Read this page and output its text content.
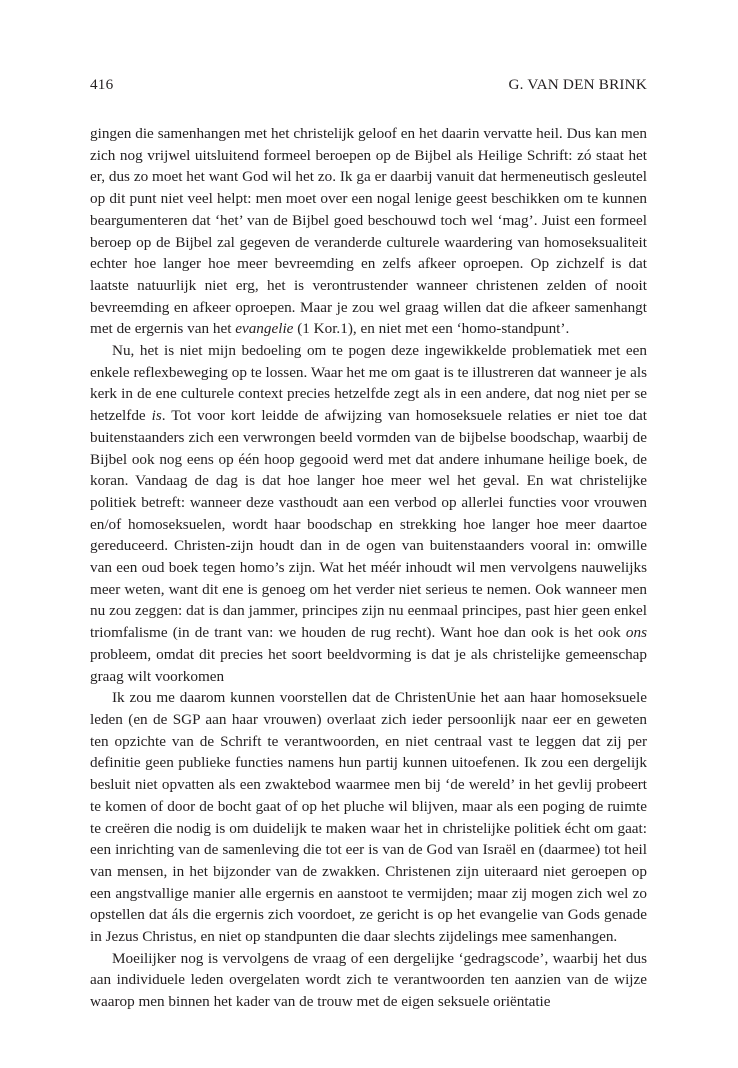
416	G. VAN DEN BRINK

gingen die samenhangen met het christelijk geloof en het daarin vervatte heil. Dus kan men zich nog vrijwel uitsluitend formeel beroepen op de Bijbel als Heilige Schrift: zó staat het er, dus zo moet het want God wil het zo. Ik ga er daarbij vanuit dat hermeneutisch gesleutel op dit punt niet veel helpt: men moet over een nogal lenige geest beschikken om te kunnen beargumenteren dat ‘het’ van de Bijbel goed beschouwd toch wel ‘mag’. Juist een formeel beroep op de Bijbel zal gegeven de veranderde culturele waardering van homoseksualiteit echter hoe langer hoe meer bevreemding en zelfs afkeer oproepen. Op zichzelf is dat laatste natuurlijk niet erg, het is verontrustender wanneer christenen zelden of nooit bevreemding en afkeer oproepen. Maar je zou wel graag willen dat die afkeer samenhangt met de ergernis van het evangelie (1 Kor.1), en niet met een ‘homo-standpunt’.

Nu, het is niet mijn bedoeling om te pogen deze ingewikkelde problematiek met een enkele reflexbeweging op te lossen. Waar het me om gaat is te illustreren dat wanneer je als kerk in de ene culturele context precies hetzelfde zegt als in een andere, dat nog niet per se hetzelfde is. Tot voor kort leidde de afwijzing van homoseksuele relaties er niet toe dat buitenstaanders zich een verwrongen beeld vormden van de bijbelse boodschap, waarbij de Bijbel ook nog eens op één hoop gegooid werd met dat andere inhumane heilige boek, de koran. Vandaag de dag is dat hoe langer hoe meer wel het geval. En wat christelijke politiek betreft: wanneer deze vasthoudt aan een verbod op allerlei functies voor vrouwen en/of homoseksuelen, wordt haar boodschap en strekking hoe langer hoe meer daartoe gereduceerd. Christen-zijn houdt dan in de ogen van buitenstaanders vooral in: omwille van een oud boek tegen homo’s zijn. Wat het méér inhoudt wil men vervolgens nauwelijks meer weten, want dit ene is genoeg om het verder niet serieus te nemen. Ook wanneer men nu zou zeggen: dat is dan jammer, principes zijn nu eenmaal principes, past hier geen enkel triomfalisme (in de trant van: we houden de rug recht). Want hoe dan ook is het ook ons probleem, omdat dit precies het soort beeldvorming is dat je als christelijke gemeenschap graag wilt voorkomen

Ik zou me daarom kunnen voorstellen dat de ChristenUnie het aan haar homoseksuele leden (en de SGP aan haar vrouwen) overlaat zich ieder persoonlijk naar eer en geweten ten opzichte van de Schrift te verantwoorden, en niet centraal vast te leggen dat zij per definitie geen publieke functies namens hun partij kunnen uitoefenen. Ik zou een dergelijk besluit niet opvatten als een zwaktebod waarmee men bij ‘de wereld’ in het gevlij probeert te komen of door de bocht gaat of op het pluche wil blijven, maar als een poging de ruimte te creëren die nodig is om duidelijk te maken waar het in christelijke politiek écht om gaat: een inrichting van de samenleving die tot eer is van de God van Israël en (daarmee) tot heil van mensen, in het bijzonder van de zwakken. Christenen zijn uiteraard niet geroepen op een angstvallige manier alle ergernis en aanstoot te vermijden; maar zij mogen zich wel zo opstellen dat áls die ergernis zich voordoet, ze gericht is op het evangelie van Gods genade in Jezus Christus, en niet op standpunten die daar slechts zijdelings mee samenhangen.

Moeilijker nog is vervolgens de vraag of een dergelijke ‘gedragscode’, waarbij het dus aan individuele leden overgelaten wordt zich te verantwoorden ten aanzien van de wijze waarop men binnen het kader van de trouw met de eigen seksuele oriëntatie
